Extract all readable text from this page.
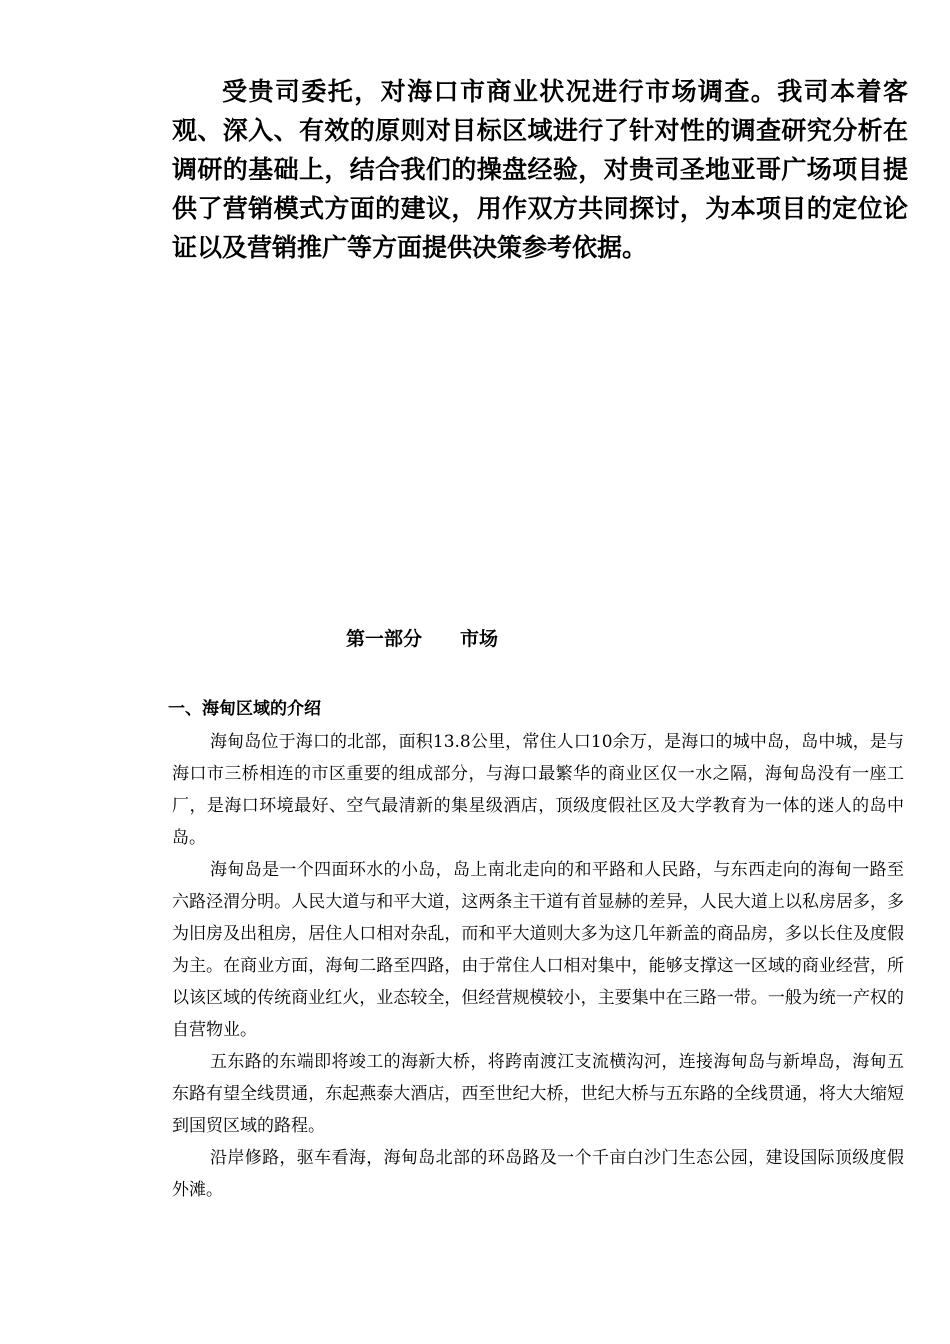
受贵司委托，对海口市商业状况进行市场调查。我司本着客观、深入、有效的原则对目标区域进行了针对性的调查研究分析在调研的基础上，结合我们的操盘经验，对贵司圣地亚哥广场项目提供了营销模式方面的建议，用作双方共同探讨，为本项目的定位论证以及营销推广等方面提供决策参考依据。

第一部分 市场
一、海甸区域的介绍

海甸岛位于海口的北部，面积13.8公里，常住人口10余万，是海口的城中岛，岛中城，是与海口市三桥相连的市区重要的组成部分，与海口最繁华的商业区仅一水之隔，海甸岛没有一座工厂，是海口环境最好、空气最清新的集星级酒店，顶级度假社区及大学教育为一体的迷人的岛中岛。

海甸岛是一个四面环水的小岛，岛上南北走向的和平路和人民路，与东西走向的海甸一路至六路泾渭分明。人民大道与和平大道，这两条主干道有首显赫的差异，人民大道上以私房居多，多为旧房及出租房，居住人口相对杂乱，而和平大道则大多为这几年新盖的商品房，多以长住及度假为主。在商业方面，海甸二路至四路，由于常住人口相对集中，能够支撑这一区域的商业经营，所以该区域的传统商业红火，业态较全，但经营规模较小，主要集中在三路一带。一般为统一产权的自营物业。

五东路的东端即将竣工的海新大桥，将跨南渡江支流横沟河，连接海甸岛与新埠岛，海甸五东路有望全线贯通，东起燕泰大酒店，西至世纪大桥，世纪大桥与五东路的全线贯通，将大大缩短到国贸区域的路程。

沿岸修路，驱车看海，海甸岛北部的环岛路及一个千亩白沙门生态公园，建设国际顶级度假外滩。
